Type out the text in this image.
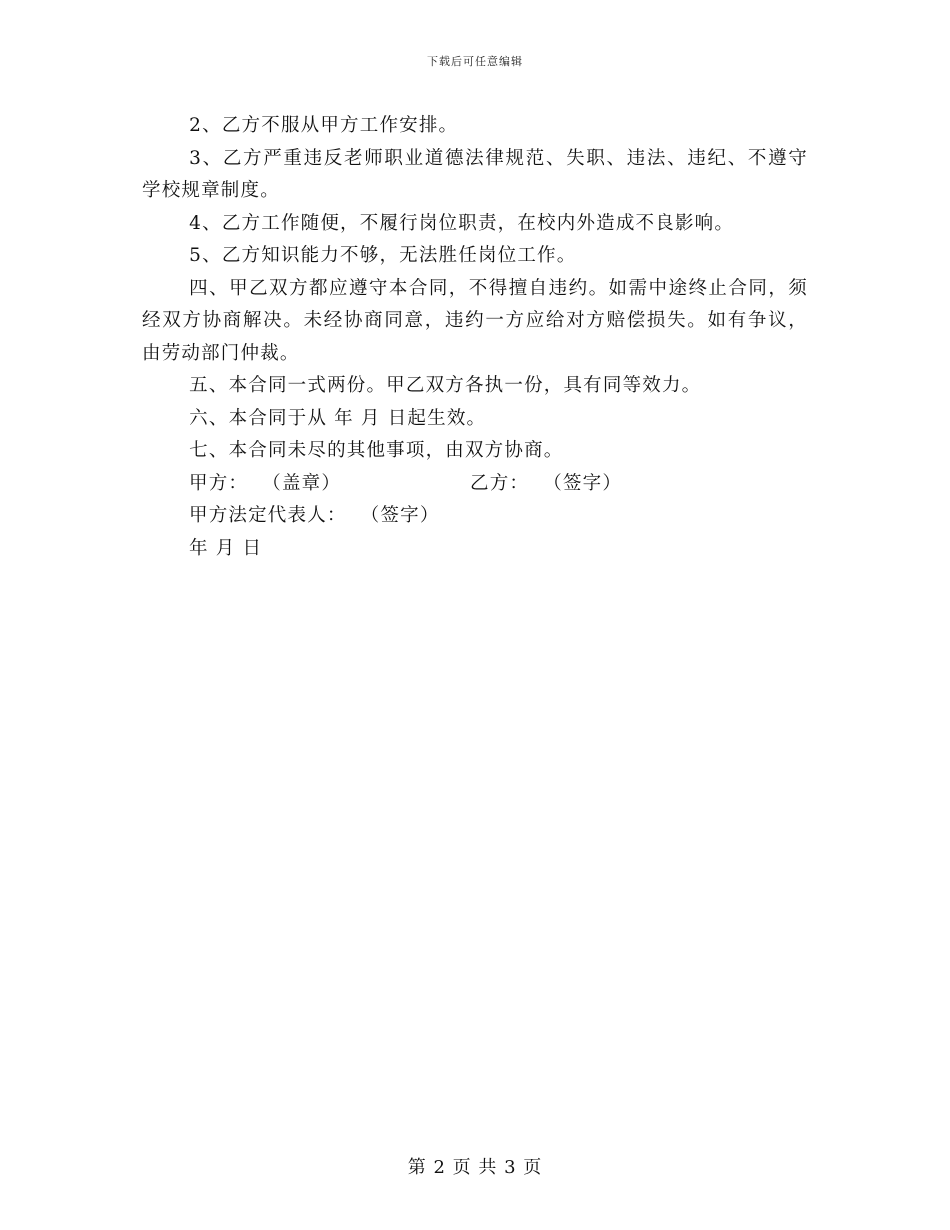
下载后可任意编辑

2、乙方不服从甲方工作安排。

3、乙方严重违反老师职业道德法律规范、失职、违法、违纪、不遵守学校规章制度。

4、乙方工作随便，不履行岗位职责，在校内外造成不良影响。

5、乙方知识能力不够，无法胜任岗位工作。

四、甲乙双方都应遵守本合同，不得擅自违约。如需中途终止合同，须经双方协商解决。未经协商同意，违约一方应给对方赔偿损失。如有争议，由劳动部门仲裁。

五、本合同一式两份。甲乙双方各执一份，具有同等效力。

六、本合同于从 年 月 日起生效。

七、本合同未尽的其他事项，由双方协商。

甲方：  （盖章）	乙方：  （签字）
甲方法定代表人：  （签字）
年 月 日
第 2 页 共 3 页
